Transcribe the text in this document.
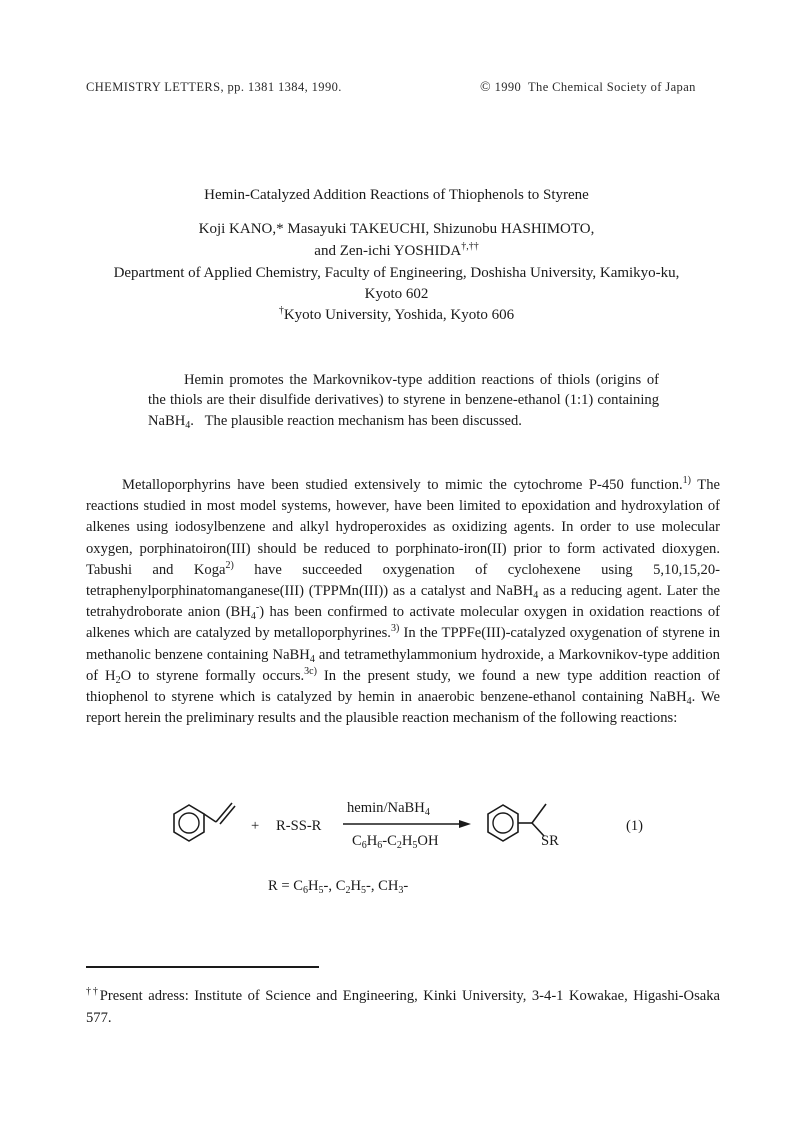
CHEMISTRY LETTERS, pp. 1381 1384, 1990.	© 1990  The Chemical Society of Japan
Hemin-Catalyzed Addition Reactions of Thiophenols to Styrene
Koji KANO,* Masayuki TAKEUCHI, Shizunobu HASHIMOTO,
and Zen-ichi YOSHIDA†,††
Department of Applied Chemistry, Faculty of Engineering, Doshisha University, Kamikyo-ku,
Kyoto 602
†Kyoto University, Yoshida, Kyoto 606

Hemin promotes the Markovnikov-type addition reactions of thiols (origins of the thiols are their disulfide derivatives) to styrene in benzene-ethanol (1:1) containing NaBH$_4$.   The plausible reaction mechanism has been discussed.

Metalloporphyrins have been studied extensively to mimic the cytochrome P-450 function.$^{1)}$ The reactions studied in most model systems, however, have been limited to epoxidation and hydroxylation of alkenes using iodosylbenzene and alkyl hydroperoxides as oxidizing agents. In order to use molecular oxygen, porphinatoiron(III) should be reduced to porphinato-iron(II) prior to form activated dioxygen. Tabushi and Koga$^{2)}$ have succeeded oxygenation of cyclohexene using 5,10,15,20-tetraphenylporphinatomanganese(III) (TPPMn(III)) as a catalyst and NaBH$_4$ as a reducing agent. Later the tetrahydroborate anion $(BH_4^-)$ has been confirmed to activate molecular oxygen in oxidation reactions of alkenes which are catalyzed by metalloporphyrines.$^{3)}$ In the TPPFe(III)-catalyzed oxygenation of styrene in methanolic benzene containing NaBH$_4$ and tetramethylammonium hydroxide, a Markovnikov-type addition of $H_2O$ to styrene formally occurs.$^{3c)}$ In the present study, we found a new type addition reaction of thiophenol to styrene which is catalyzed by hemin in anaerobic benzene-ethanol containing NaBH$_4$. We report herein the preliminary results and the plausible reaction mechanism of the following reactions:

+ R-SS-R
hemin/NaBH$_4$
$C_6H_6-C_2H_5OH$	SR
(1)
$R = C_6H_5-$, $C_2H_5-$, $CH_3-$

††Present adress: Institute of Science and Engineering, Kinki University, 3-4-1 Kowakae, Higashi-Osaka 577.
